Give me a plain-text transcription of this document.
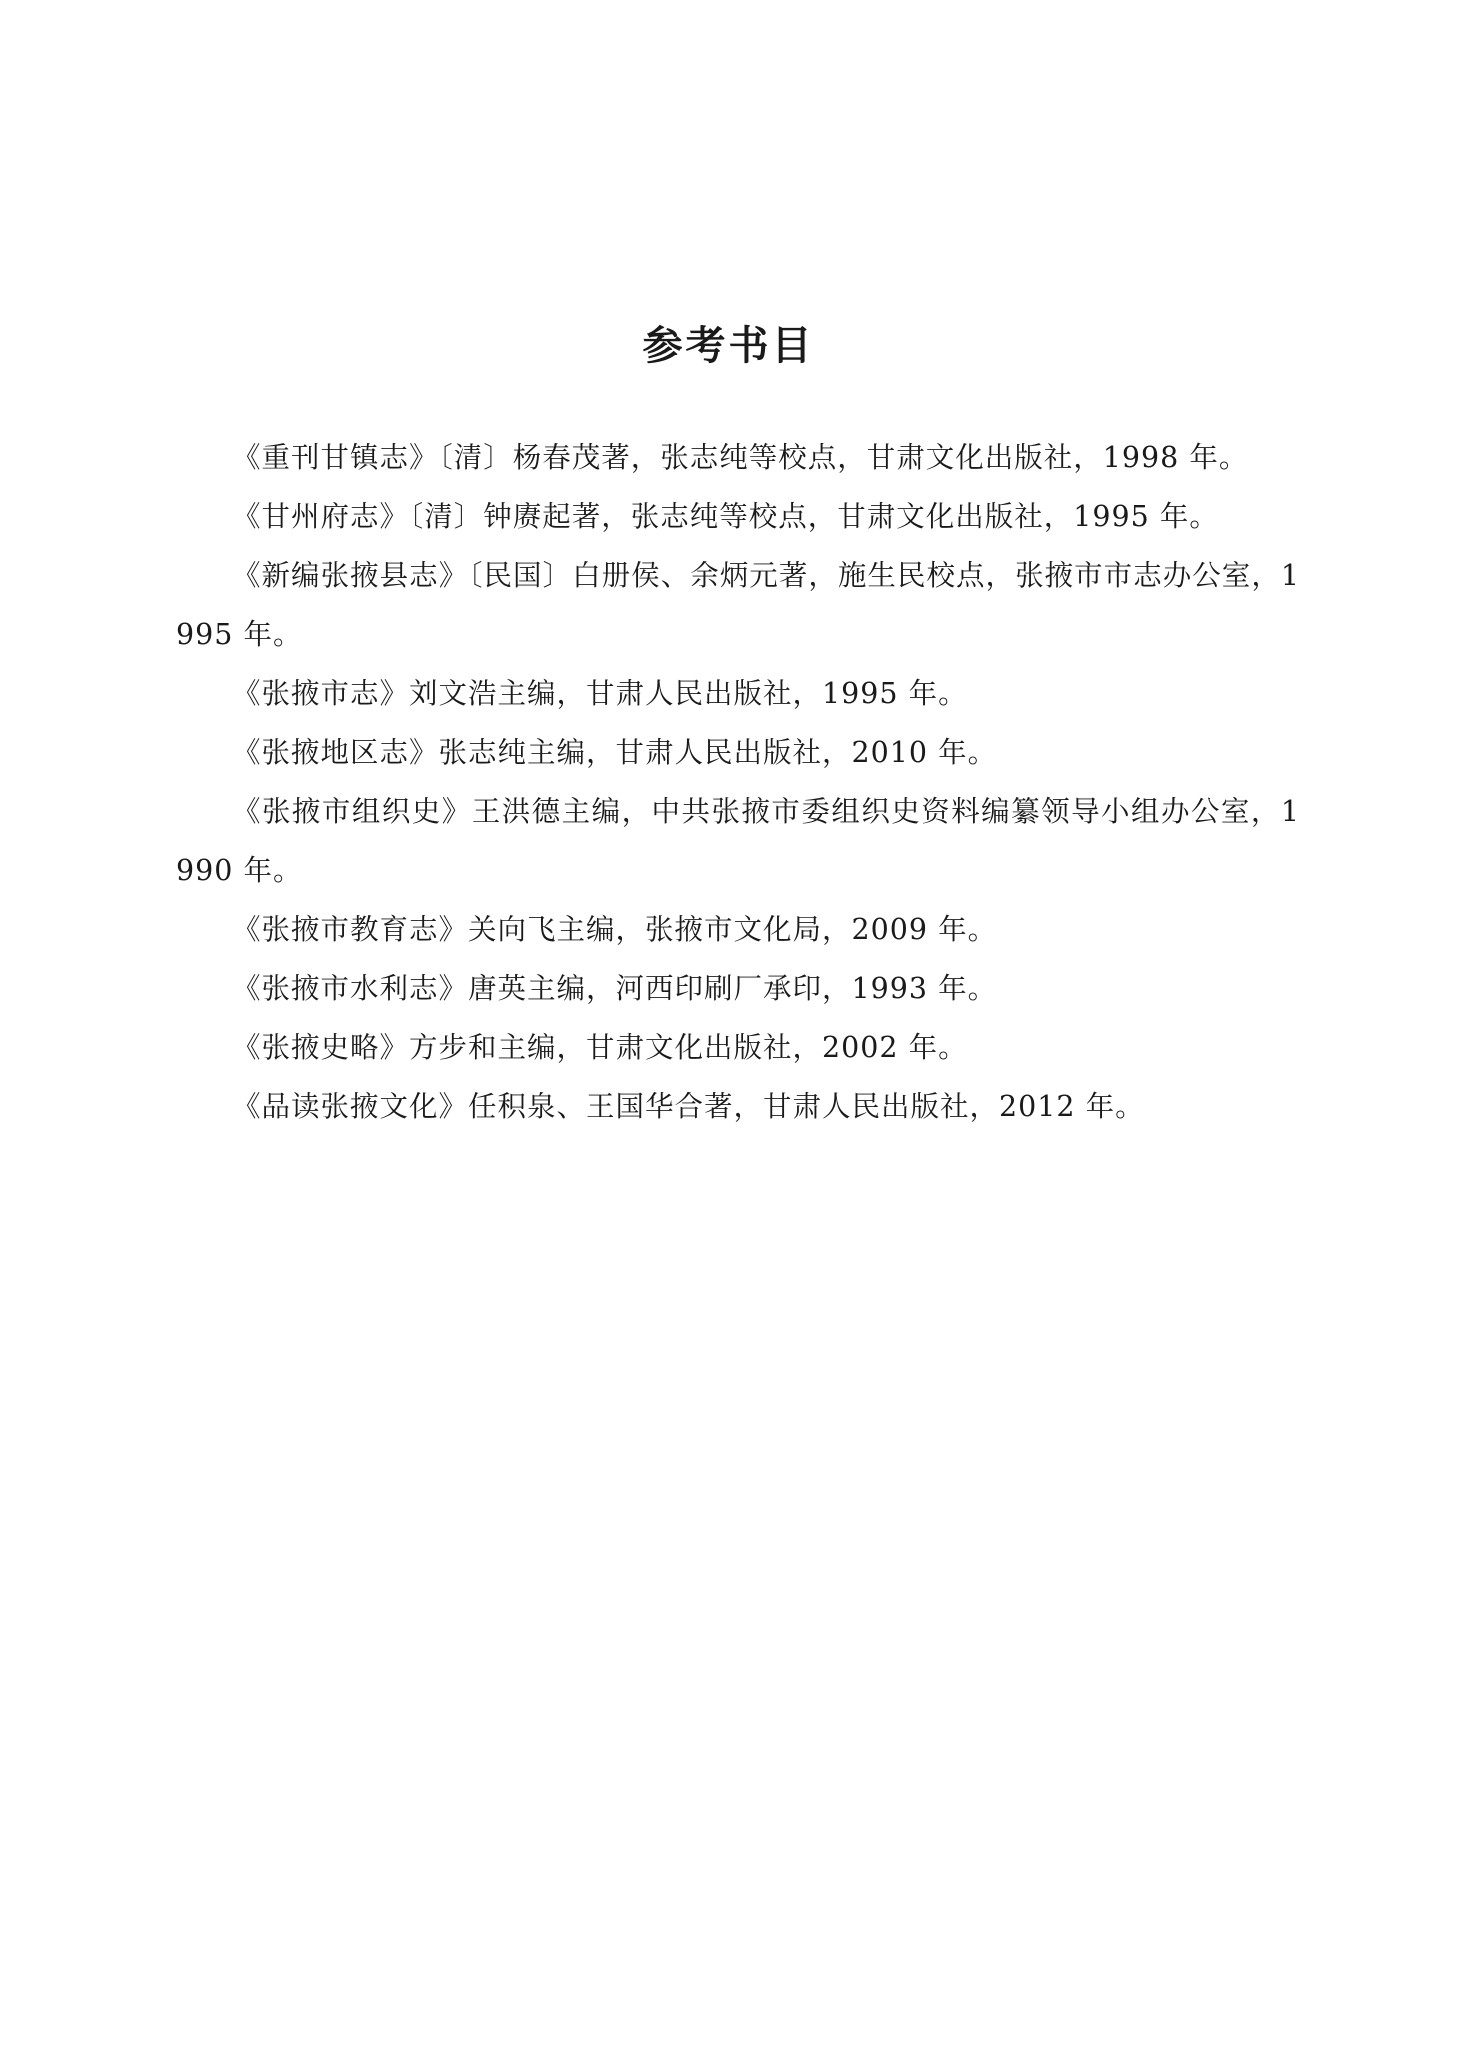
参考书目
《重刊甘镇志》〔清〕杨春茂著，张志纯等校点，甘肃文化出版社，1998 年。
《甘州府志》〔清〕钟赓起著，张志纯等校点，甘肃文化出版社，1995 年。
《新编张掖县志》〔民国〕白册侯、余炳元著，施生民校点，张掖市市志办公室，1995 年。
《张掖市志》刘文浩主编，甘肃人民出版社，1995 年。
《张掖地区志》张志纯主编，甘肃人民出版社，2010 年。
《张掖市组织史》王洪德主编，中共张掖市委组织史资料编纂领导小组办公室，1990 年。
《张掖市教育志》关向飞主编，张掖市文化局，2009 年。
《张掖市水利志》唐英主编，河西印刷厂承印，1993 年。
《张掖史略》方步和主编，甘肃文化出版社，2002 年。
《品读张掖文化》任积泉、王国华合著，甘肃人民出版社，2012 年。
